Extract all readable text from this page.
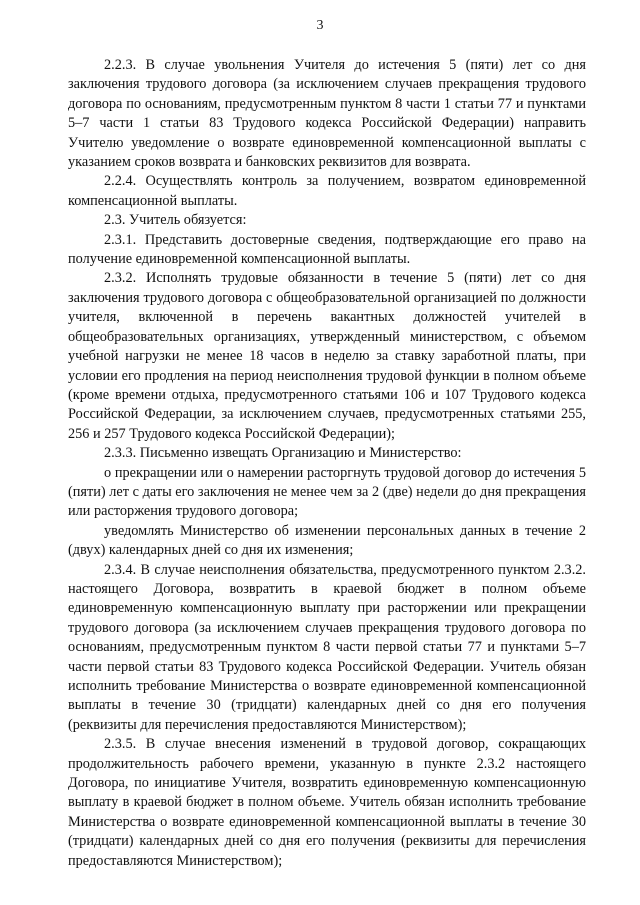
3

2.2.3. В случае увольнения Учителя до истечения 5 (пяти) лет со дня заключения трудового договора (за исключением случаев прекращения трудового договора по основаниям, предусмотренным пунктом 8 части 1 статьи 77 и пунктами 5–7 части 1 статьи 83 Трудового кодекса Российской Федерации) направить Учителю уведомление о возврате единовременной компенсационной выплаты с указанием сроков возврата и банковских реквизитов для возврата.

2.2.4. Осуществлять контроль за получением, возвратом единовременной компенсационной выплаты.

2.3. Учитель обязуется:

2.3.1. Представить достоверные сведения, подтверждающие его право на получение единовременной компенсационной выплаты.

2.3.2. Исполнять трудовые обязанности в течение 5 (пяти) лет со дня заключения трудового договора с общеобразовательной организацией по должности учителя, включенной в перечень вакантных должностей учителей в общеобразовательных организациях, утвержденный министерством, с объемом учебной нагрузки не менее 18 часов в неделю за ставку заработной платы, при условии его продления на период неисполнения трудовой функции в полном объеме (кроме времени отдыха, предусмотренного статьями 106 и 107 Трудового кодекса Российской Федерации, за исключением случаев, предусмотренных статьями 255, 256 и 257 Трудового кодекса Российской Федерации);

2.3.3. Письменно извещать Организацию и Министерство:

о прекращении или о намерении расторгнуть трудовой договор до истечения 5 (пяти) лет с даты его заключения не менее чем за 2 (две) недели до дня прекращения или расторжения трудового договора;

уведомлять Министерство об изменении персональных данных в течение 2 (двух) календарных дней со дня их изменения;

2.3.4. В случае неисполнения обязательства, предусмотренного пунктом 2.3.2. настоящего Договора, возвратить в краевой бюджет в полном объеме единовременную компенсационную выплату при расторжении или прекращении трудового договора (за исключением случаев прекращения трудового договора по основаниям, предусмотренным пунктом 8 части первой статьи 77 и пунктами 5–7 части первой статьи 83 Трудового кодекса Российской Федерации. Учитель обязан исполнить требование Министерства о возврате единовременной компенсационной выплаты в течение 30 (тридцати) календарных дней со дня его получения (реквизиты для перечисления предоставляются Министерством);

2.3.5. В случае внесения изменений в трудовой договор, сокращающих продолжительность рабочего времени, указанную в пункте 2.3.2 настоящего Договора, по инициативе Учителя, возвратить единовременную компенсационную выплату в краевой бюджет в полном объеме. Учитель обязан исполнить требование Министерства о возврате единовременной компенсационной выплаты в течение 30 (тридцати) календарных дней со дня его получения (реквизиты для перечисления предоставляются Министерством);
